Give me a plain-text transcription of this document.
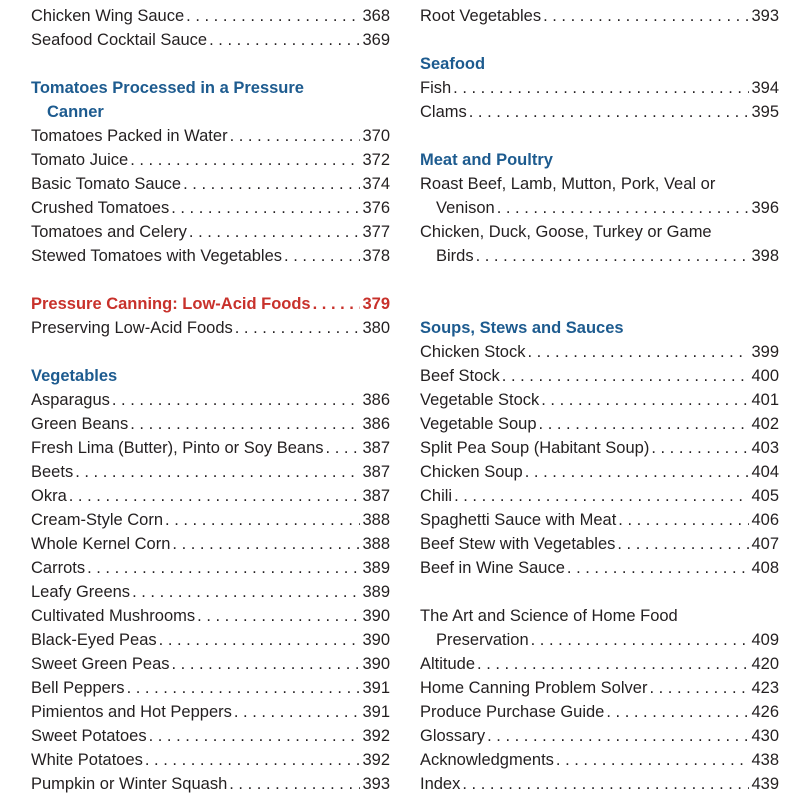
Chicken Wing Sauce . . .	368
Seafood Cocktail Sauce . . .	369
Tomatoes Processed in a Pressure
Canner
Tomatoes Packed in Water . . .	370
Tomato Juice . . .	372
Basic Tomato Sauce . . .	374
Crushed Tomatoes . . .	376
Tomatoes and Celery . . .	377
Stewed Tomatoes with Vegetables . . .	378
Pressure Canning: Low-Acid Foods . . .	379
Preserving Low-Acid Foods . . .	380
Vegetables
Asparagus . . .	386
Green Beans . . .	386
Fresh Lima (Butter), Pinto or Soy Beans . . . 387
Beets . . .	387
Okra . . .	387
Cream-Style Corn . . .	388
Whole Kernel Corn . . .	388
Carrots . . .	389
Leafy Greens . . .	389
Cultivated Mushrooms . . .	390
Black-Eyed Peas . . .	390
Sweet Green Peas . . .	390
Bell Peppers . . .	391
Pimientos and Hot Peppers . . .	391
Sweet Potatoes . . .	392
White Potatoes . . .	392
Pumpkin or Winter Squash . . .	393
Root Vegetables . . .	393
Seafood
Fish . . .	394
Clams . . .	395
Meat and Poultry
Roast Beef, Lamb, Mutton, Pork, Veal or
Venison . . .	396
Chicken, Duck, Goose, Turkey or Game
Birds . . .	398
Soups, Stews and Sauces
Chicken Stock . . .	399
Beef Stock . . .	400
Vegetable Stock . . .	401
Vegetable Soup . . .	402
Split Pea Soup (Habitant Soup) . . .	403
Chicken Soup . . .	404
Chili . . .	405
Spaghetti Sauce with Meat . . .	406
Beef Stew with Vegetables . . .	407
Beef in Wine Sauce . . .	408
The Art and Science of Home Food
Preservation . . .	409
Altitude . . .	420
Home Canning Problem Solver . . .	423
Produce Purchase Guide . . .	426
Glossary . . .	430
Acknowledgments . . .	438
Index . . .	439
